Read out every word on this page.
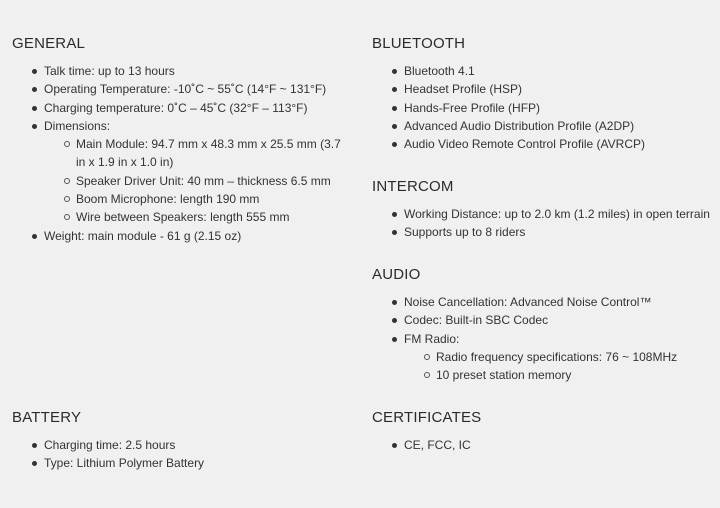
GENERAL
Talk time: up to 13 hours
Operating Temperature: -10˚C ~ 55˚C (14°F ~ 131°F)
Charging temperature: 0˚C – 45˚C (32°F – 113°F)
Dimensions:
Main Module: 94.7 mm x 48.3 mm x 25.5 mm (3.7 in x 1.9 in x 1.0 in)
Speaker Driver Unit: 40 mm – thickness 6.5 mm
Boom Microphone: length 190 mm
Wire between Speakers: length 555 mm
Weight: main module - 61 g (2.15 oz)
BLUETOOTH
Bluetooth 4.1
Headset Profile (HSP)
Hands-Free Profile (HFP)
Advanced Audio Distribution Profile (A2DP)
Audio Video Remote Control Profile (AVRCP)
INTERCOM
Working Distance: up to 2.0 km (1.2 miles) in open terrain
Supports up to 8 riders
AUDIO
Noise Cancellation: Advanced Noise Control™
Codec: Built-in SBC Codec
FM Radio:
Radio frequency specifications: 76 ~ 108MHz
10 preset station memory
BATTERY
Charging time: 2.5 hours
Type: Lithium Polymer Battery
CERTIFICATES
CE, FCC, IC
